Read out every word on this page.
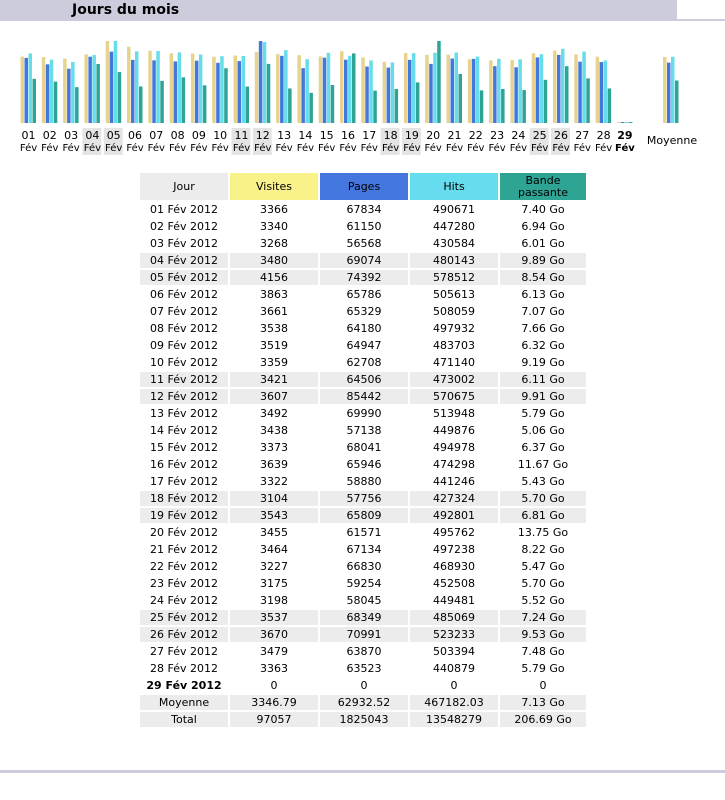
Jours du mois
01
Fév
02
Fév
03
Fév
04
Fév
05
Fév
06
Fév
07
Fév
08
Fév
09
Fév
10
Fév
11
Fév
12
Fév
13
Fév
14
Fév
15
Fév
16
Fév
17
Fév
18
Fév
19
Fév
20
Fév
21
Fév
22
Fév
23
Fév
24
Fév
25
Fév
26
Fév
27
Fév
28
Fév
29
Fév
Moyenne
Jour	Visites	Pages	Hits	Bande passante
01 Fév 2012	3366	67834	490671	7.40 Go
02 Fév 2012	3340	61150	447280	6.94 Go
03 Fév 2012	3268	56568	430584	6.01 Go
04 Fév 2012	3480	69074	480143	9.89 Go
05 Fév 2012	4156	74392	578512	8.54 Go
06 Fév 2012	3863	65786	505613	6.13 Go
07 Fév 2012	3661	65329	508059	7.07 Go
08 Fév 2012	3538	64180	497932	7.66 Go
09 Fév 2012	3519	64947	483703	6.32 Go
10 Fév 2012	3359	62708	471140	9.19 Go
11 Fév 2012	3421	64506	473002	6.11 Go
12 Fév 2012	3607	85442	570675	9.91 Go
13 Fév 2012	3492	69990	513948	5.79 Go
14 Fév 2012	3438	57138	449876	5.06 Go
15 Fév 2012	3373	68041	494978	6.37 Go
16 Fév 2012	3639	65946	474298	11.67 Go
17 Fév 2012	3322	58880	441246	5.43 Go
18 Fév 2012	3104	57756	427324	5.70 Go
19 Fév 2012	3543	65809	492801	6.81 Go
20 Fév 2012	3455	61571	495762	13.75 Go
21 Fév 2012	3464	67134	497238	8.22 Go
22 Fév 2012	3227	66830	468930	5.47 Go
23 Fév 2012	3175	59254	452508	5.70 Go
24 Fév 2012	3198	58045	449481	5.52 Go
25 Fév 2012	3537	68349	485069	7.24 Go
26 Fév 2012	3670	70991	523233	9.53 Go
27 Fév 2012	3479	63870	503394	7.48 Go
28 Fév 2012	3363	63523	440879	5.79 Go
29 Fév 2012	0	0	0	0
Moyenne	3346.79	62932.52	467182.03	7.13 Go
Total	97057	1825043	13548279	206.69 Go
